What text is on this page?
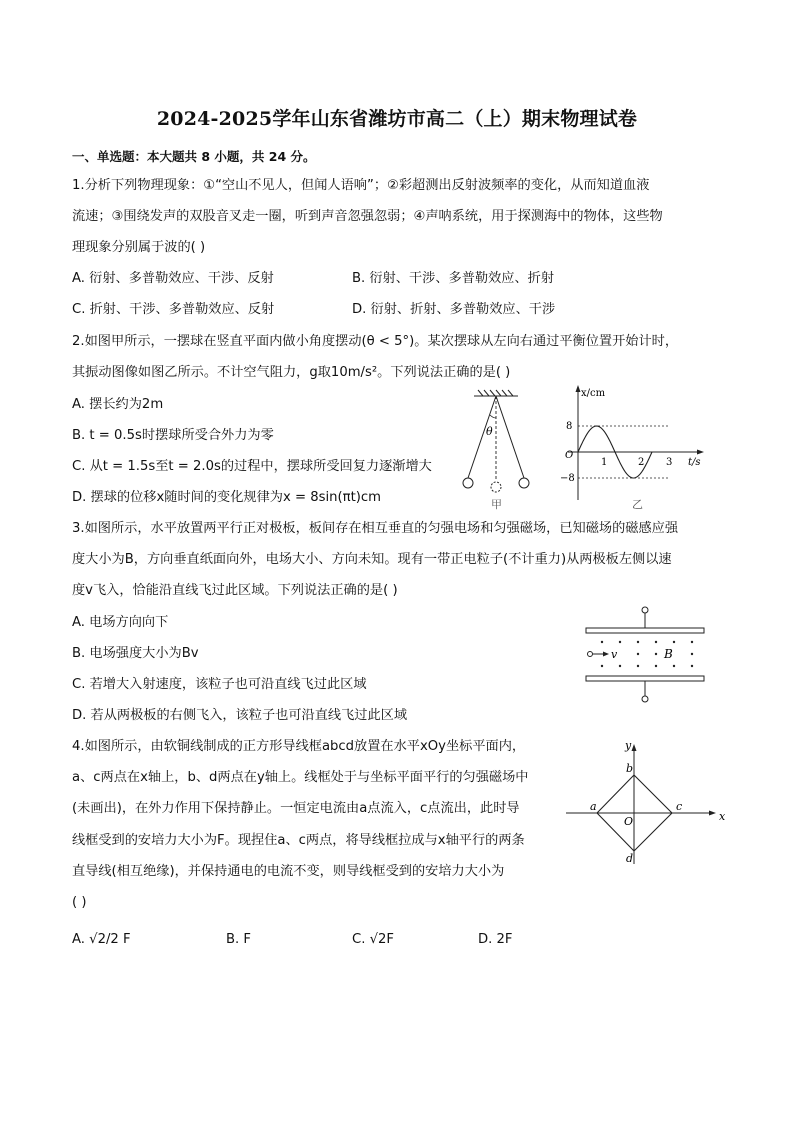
2024-2025学年山东省潍坊市高二（上）期末物理试卷
一、单选题：本大题共 8 小题，共 24 分。
1.分析下列物理现象：①“空山不见人，但闻人语响”；②彩超测出反射波频率的变化，从而知道血液
流速；③围绕发声的双股音叉走一圈，听到声音忽强忽弱；④声呐系统，用于探测海中的物体，这些物
理现象分别属于波的( )
A. 衍射、多普勒效应、干涉、反射	B. 衍射、干涉、多普勒效应、折射
C. 折射、干涉、多普勒效应、反射	D. 衍射、折射、多普勒效应、干涉
2.如图甲所示，一摆球在竖直平面内做小角度摆动(θ < 5°)。某次摆球从左向右通过平衡位置开始计时，
其振动图像如图乙所示。不计空气阻力，g取10m/s²。下列说法正确的是( )
A. 摆长约为2m
B. t = 0.5s时摆球所受合外力为零
C. 从t = 1.5s至t = 2.0s的过程中，摆球所受回复力逐渐增大
D. 摆球的位移x随时间的变化规律为x = 8sin(πt)cm
θ
甲
x/cm
t/s
O
8
−8
1	2 3
乙
3.如图所示，水平放置两平行正对极板，板间存在相互垂直的匀强电场和匀强磁场，已知磁场的磁感应强
度大小为B，方向垂直纸面向外，电场大小、方向未知。现有一带正电粒子(不计重力)从两极板左侧以速
度v飞入，恰能沿直线飞过此区域。下列说法正确的是( )
A. 电场方向向下
B. 电场强度大小为Bv
C. 若增大入射速度，该粒子也可沿直线飞过此区域
D. 若从两极板的右侧飞入，该粒子也可沿直线飞过此区域
v	B
4.如图所示，由软铜线制成的正方形导线框abcd放置在水平xOy坐标平面内，
a、c两点在x轴上，b、d两点在y轴上。线框处于与坐标平面平行的匀强磁场中
(未画出)，在外力作用下保持静止。一恒定电流由a点流入，c点流出，此时导
线框受到的安培力大小为F。现捏住a、c两点，将导线框拉成与x轴平行的两条
直导线(相互绝缘)，并保持通电的电流不变，则导线框受到的安培力大小为
( )
A. √2/2 F	B. F	C. √2F	D. 2F
x
y
O
a
b
c
d
